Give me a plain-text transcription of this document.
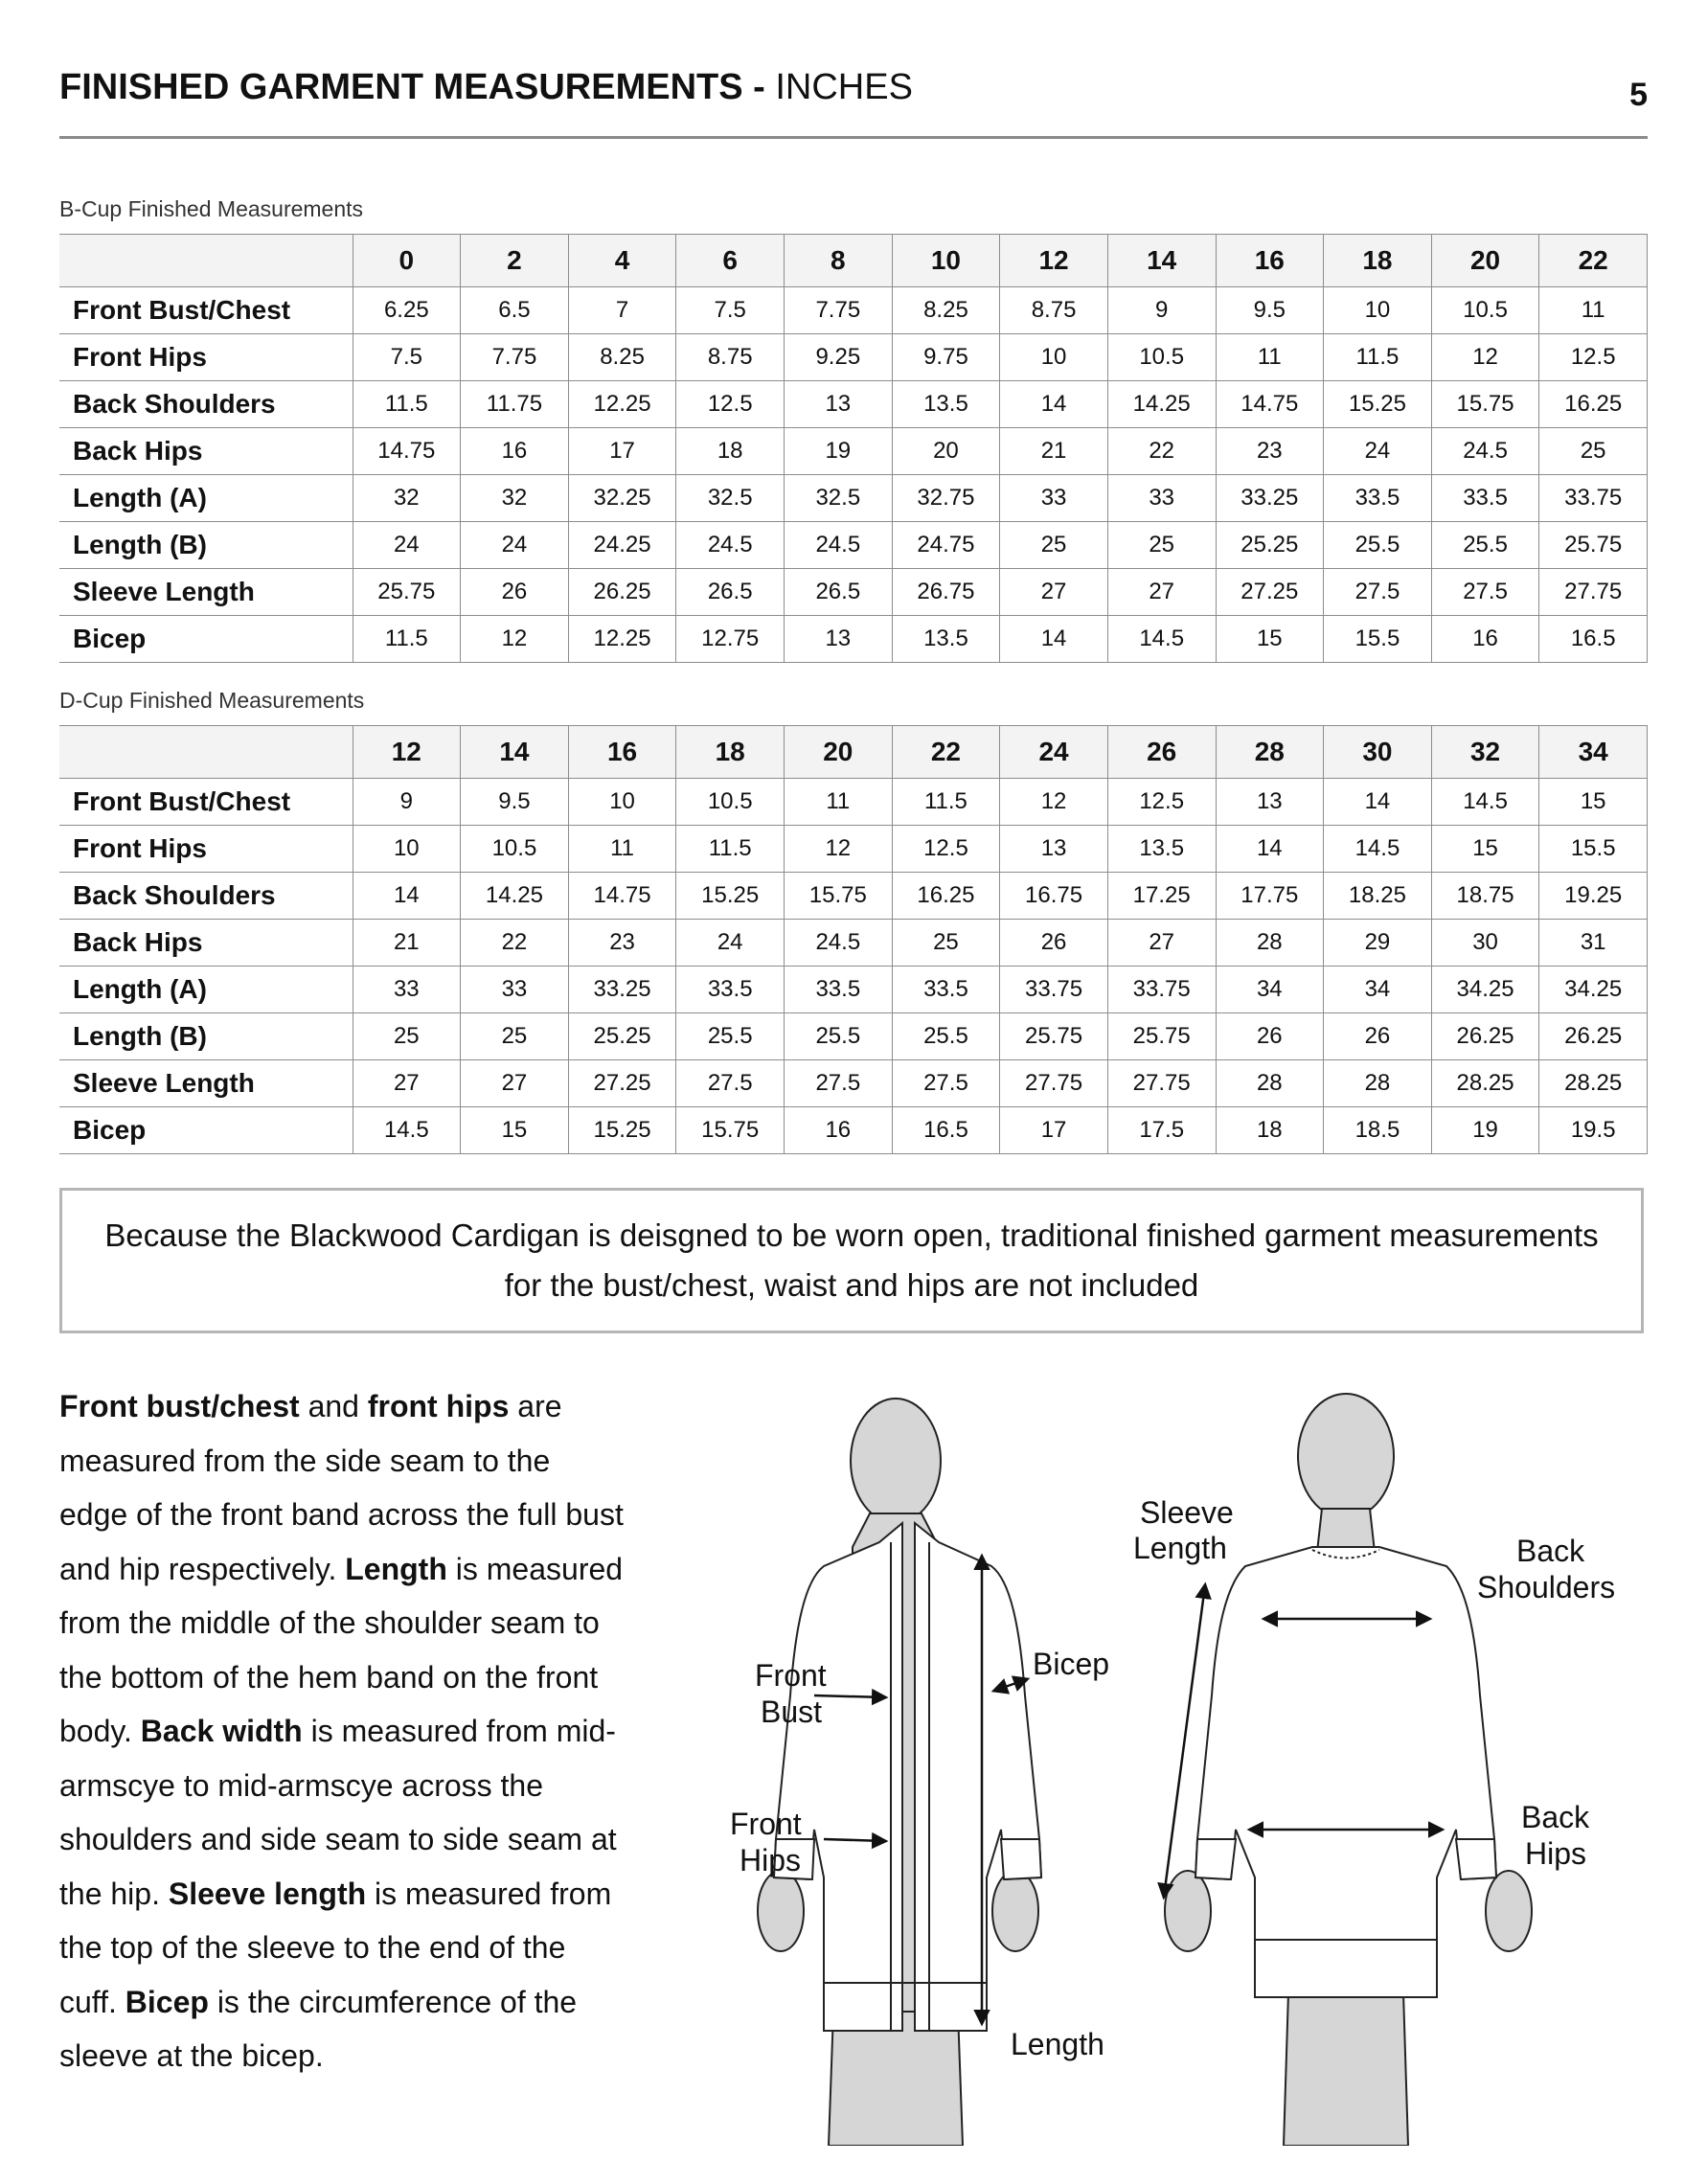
FINISHED GARMENT MEASUREMENTS - INCHES	5
B-Cup Finished Measurements
	0	2	4	6	8	10	12	14	16	18	20	22
Front Bust/Chest	6.25	6.5	7	7.5	7.75	8.25	8.75	9	9.5	10	10.5	11
Front Hips	7.5	7.75	8.25	8.75	9.25	9.75	10	10.5	11	11.5	12	12.5
Back Shoulders	11.5	11.75	12.25	12.5	13	13.5	14	14.25	14.75	15.25	15.75	16.25
Back Hips	14.75	16	17	18	19	20	21	22	23	24	24.5	25
Length (A)	32	32	32.25	32.5	32.5	32.75	33	33	33.25	33.5	33.5	33.75
Length (B)	24	24	24.25	24.5	24.5	24.75	25	25	25.25	25.5	25.5	25.75
Sleeve Length	25.75	26	26.25	26.5	26.5	26.75	27	27	27.25	27.5	27.5	27.75
Bicep	11.5	12	12.25	12.75	13	13.5	14	14.5	15	15.5	16	16.5
D-Cup Finished Measurements
	12	14	16	18	20	22	24	26	28	30	32	34
Front Bust/Chest	9	9.5	10	10.5	11	11.5	12	12.5	13	14	14.5	15
Front Hips	10	10.5	11	11.5	12	12.5	13	13.5	14	14.5	15	15.5
Back Shoulders	14	14.25	14.75	15.25	15.75	16.25	16.75	17.25	17.75	18.25	18.75	19.25
Back Hips	21	22	23	24	24.5	25	26	27	28	29	30	31
Length (A)	33	33	33.25	33.5	33.5	33.5	33.75	33.75	34	34	34.25	34.25
Length (B)	25	25	25.25	25.5	25.5	25.5	25.75	25.75	26	26	26.25	26.25
Sleeve Length	27	27	27.25	27.5	27.5	27.5	27.75	27.75	28	28	28.25	28.25
Bicep	14.5	15	15.25	15.75	16	16.5	17	17.5	18	18.5	19	19.5
Because the Blackwood Cardigan is deisgned to be worn open, traditional finished garment measurements for the bust/chest, waist and hips are not included
Front bust/chest and front hips are measured from the side seam to the edge of the front band across the full bust and hip respectively. Length is measured from the middle of the shoulder seam to the bottom of the hem band on the front body. Back width is measured from mid-armscye to mid-armscye across the shoulders and side seam to side seam at the hip. Sleeve length is measured from the top of the sleeve to the end of the cuff. Bicep is the circumference of the sleeve at the bicep.
Front
Bust
Front
Hips
Bicep
Length
Sleeve
Length	Back
Shoulders
Back
Hips
